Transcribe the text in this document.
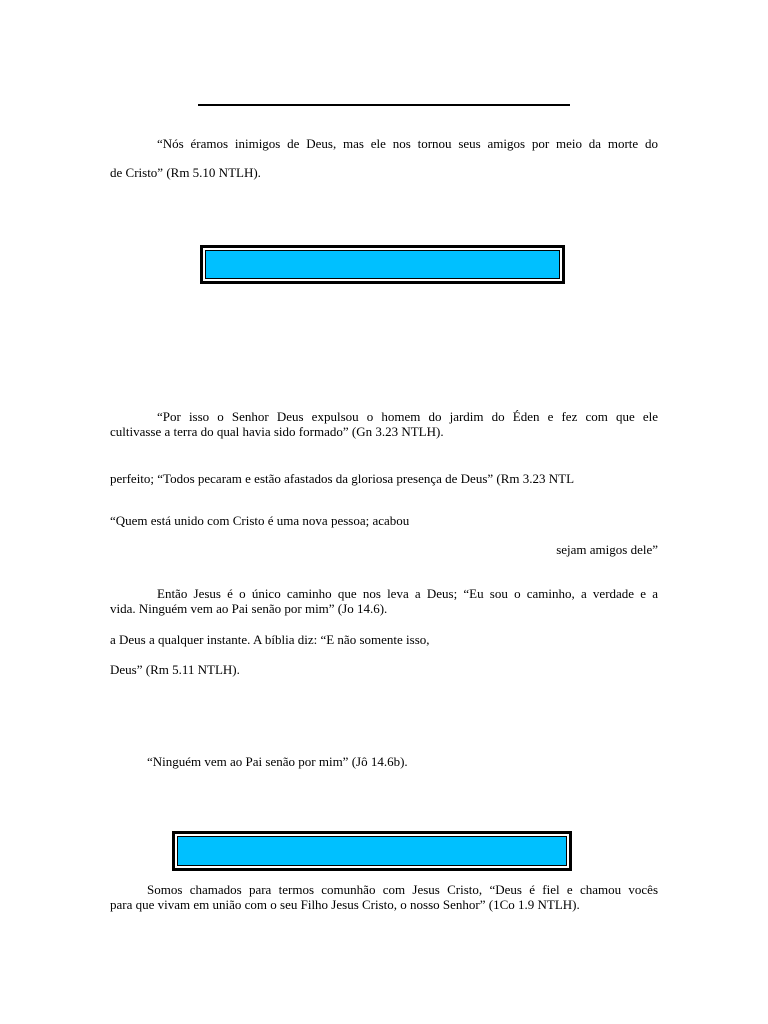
“Nós éramos inimigos de Deus, mas ele nos tornou seus amigos por meio da morte do
de Cristo” (Rm 5.10 NTLH).
“Por isso o Senhor Deus expulsou o homem do jardim do Éden e fez com que ele
cultivasse a terra do qual havia sido formado” (Gn 3.23 NTLH).
perfeito; “Todos pecaram e estão afastados da gloriosa presença de Deus” (Rm 3.23 NTL
“Quem está unido com Cristo é uma nova pessoa; acabou
sejam amigos dele”
Então Jesus é o único caminho que nos leva a Deus; “Eu sou o caminho, a verdade e a
vida. Ninguém vem ao Pai senão por mim” (Jo 14.6).
a Deus a qualquer instante. A bíblia diz: “E não somente isso,
Deus” (Rm 5.11 NTLH).
“Ninguém vem ao Pai senão por mim” (Jô 14.6b).
Somos chamados para termos comunhão com Jesus Cristo, “Deus é fiel e chamou vocês
para que vivam em união com o seu Filho Jesus Cristo, o nosso Senhor” (1Co 1.9 NTLH).
